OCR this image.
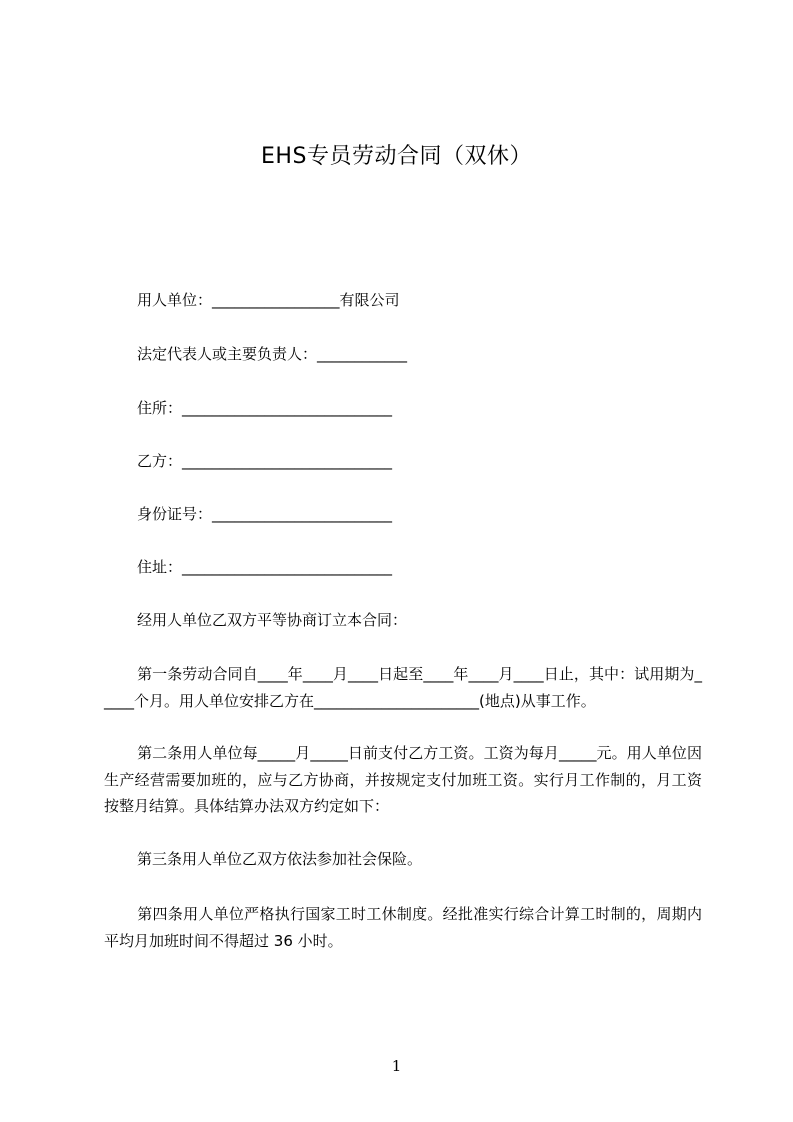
EHS专员劳动合同（双休）
用人单位：_________________有限公司
法定代表人或主要负责人：____________
住所：____________________________
乙方：____________________________
身份证号：________________________
住址：____________________________
经用人单位乙双方平等协商订立本合同：
第一条劳动合同自____年____月____日起至____年____月____日止，其中：试用期为_____个月。用人单位安排乙方在______________________(地点)从事工作。
第二条用人单位每_____月_____日前支付乙方工资。工资为每月_____元。用人单位因生产经营需要加班的，应与乙方协商，并按规定支付加班工资。实行月工作制的，月工资按整月结算。具体结算办法双方约定如下：
第三条用人单位乙双方依法参加社会保险。
第四条用人单位严格执行国家工时工休制度。经批准实行综合计算工时制的，周期内平均月加班时间不得超过 36 小时。
1
